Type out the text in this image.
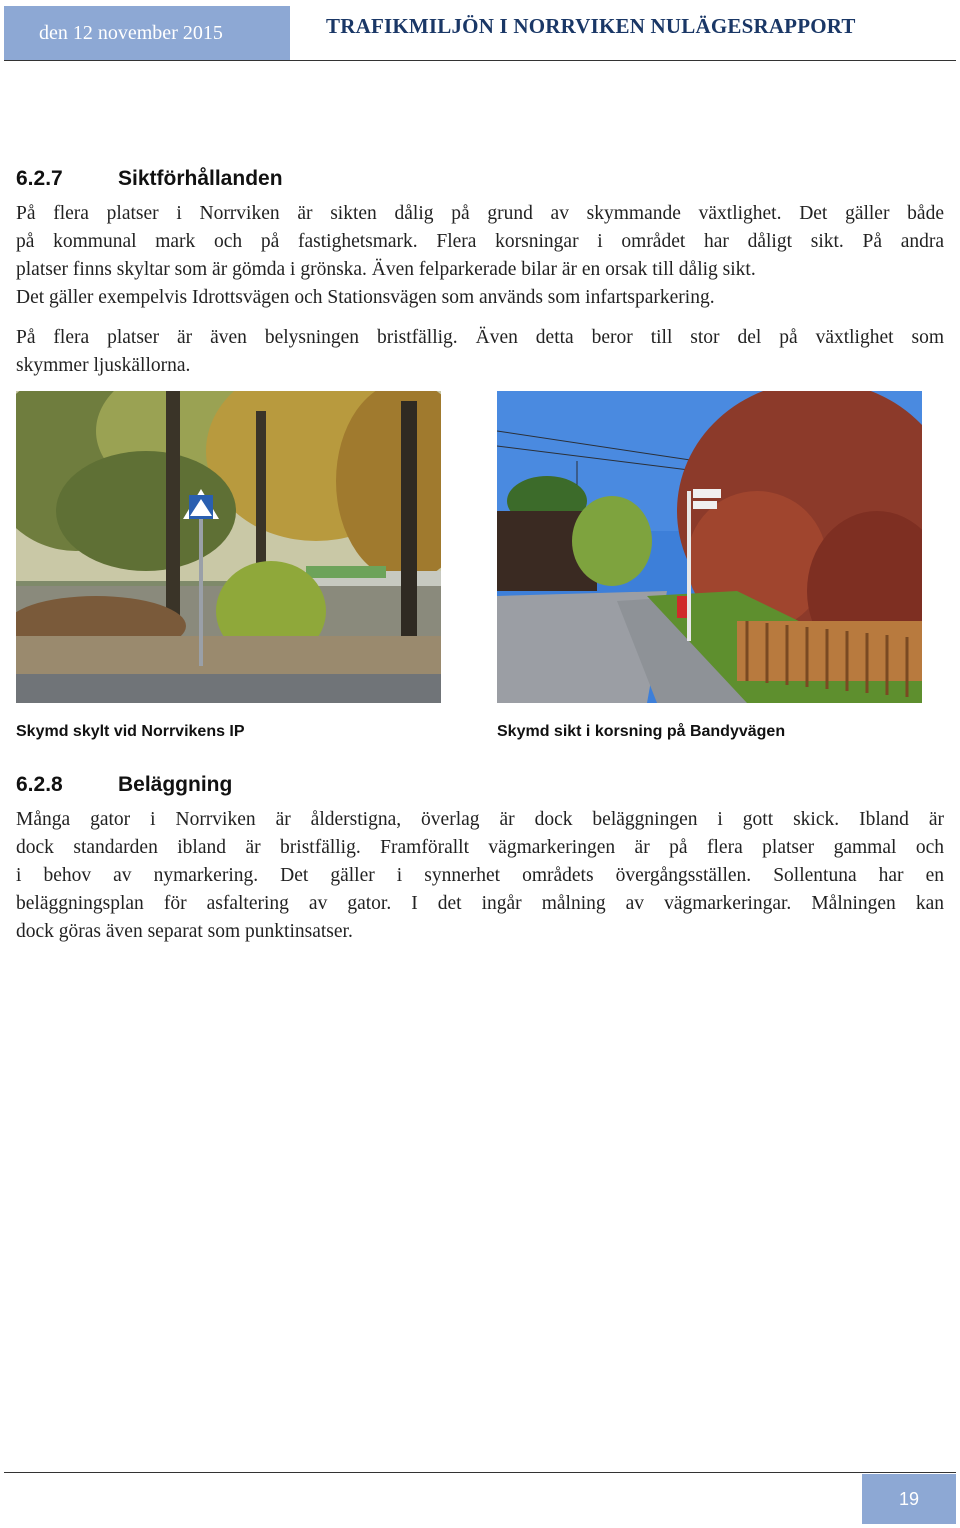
den 12 november 2015	TRAFIKMILJÖN I NORRVIKEN NULÄGESRAPPORT
6.2.7	Siktförhållanden
På flera platser i Norrviken är sikten dålig på grund av skymmande växtlighet. Det gäller både
på kommunal mark och på fastighetsmark. Flera korsningar i området har dåligt sikt. På andra
platser finns skyltar som är gömda i grönska. Även felparkerade bilar är en orsak till dålig sikt.
Det gäller exempelvis Idrottsvägen och Stationsvägen som används som infartsparkering.
På flera platser är även belysningen bristfällig. Även detta beror till stor del på växtlighet som
skymmer ljuskällorna.
Skymd skylt vid Norrvikens IP	Skymd sikt i korsning på Bandyvägen
6.2.8	Beläggning
Många gator i Norrviken är ålderstigna, överlag är dock beläggningen i gott skick. Ibland är
dock standarden ibland är bristfällig. Framförallt vägmarkeringen är på flera platser gammal och
i behov av nymarkering. Det gäller i synnerhet områdets övergångsställen. Sollentuna har en
beläggningsplan för asfaltering av gator. I det ingår målning av vägmarkeringar. Målningen kan
dock göras även separat som punktinsatser.
19
